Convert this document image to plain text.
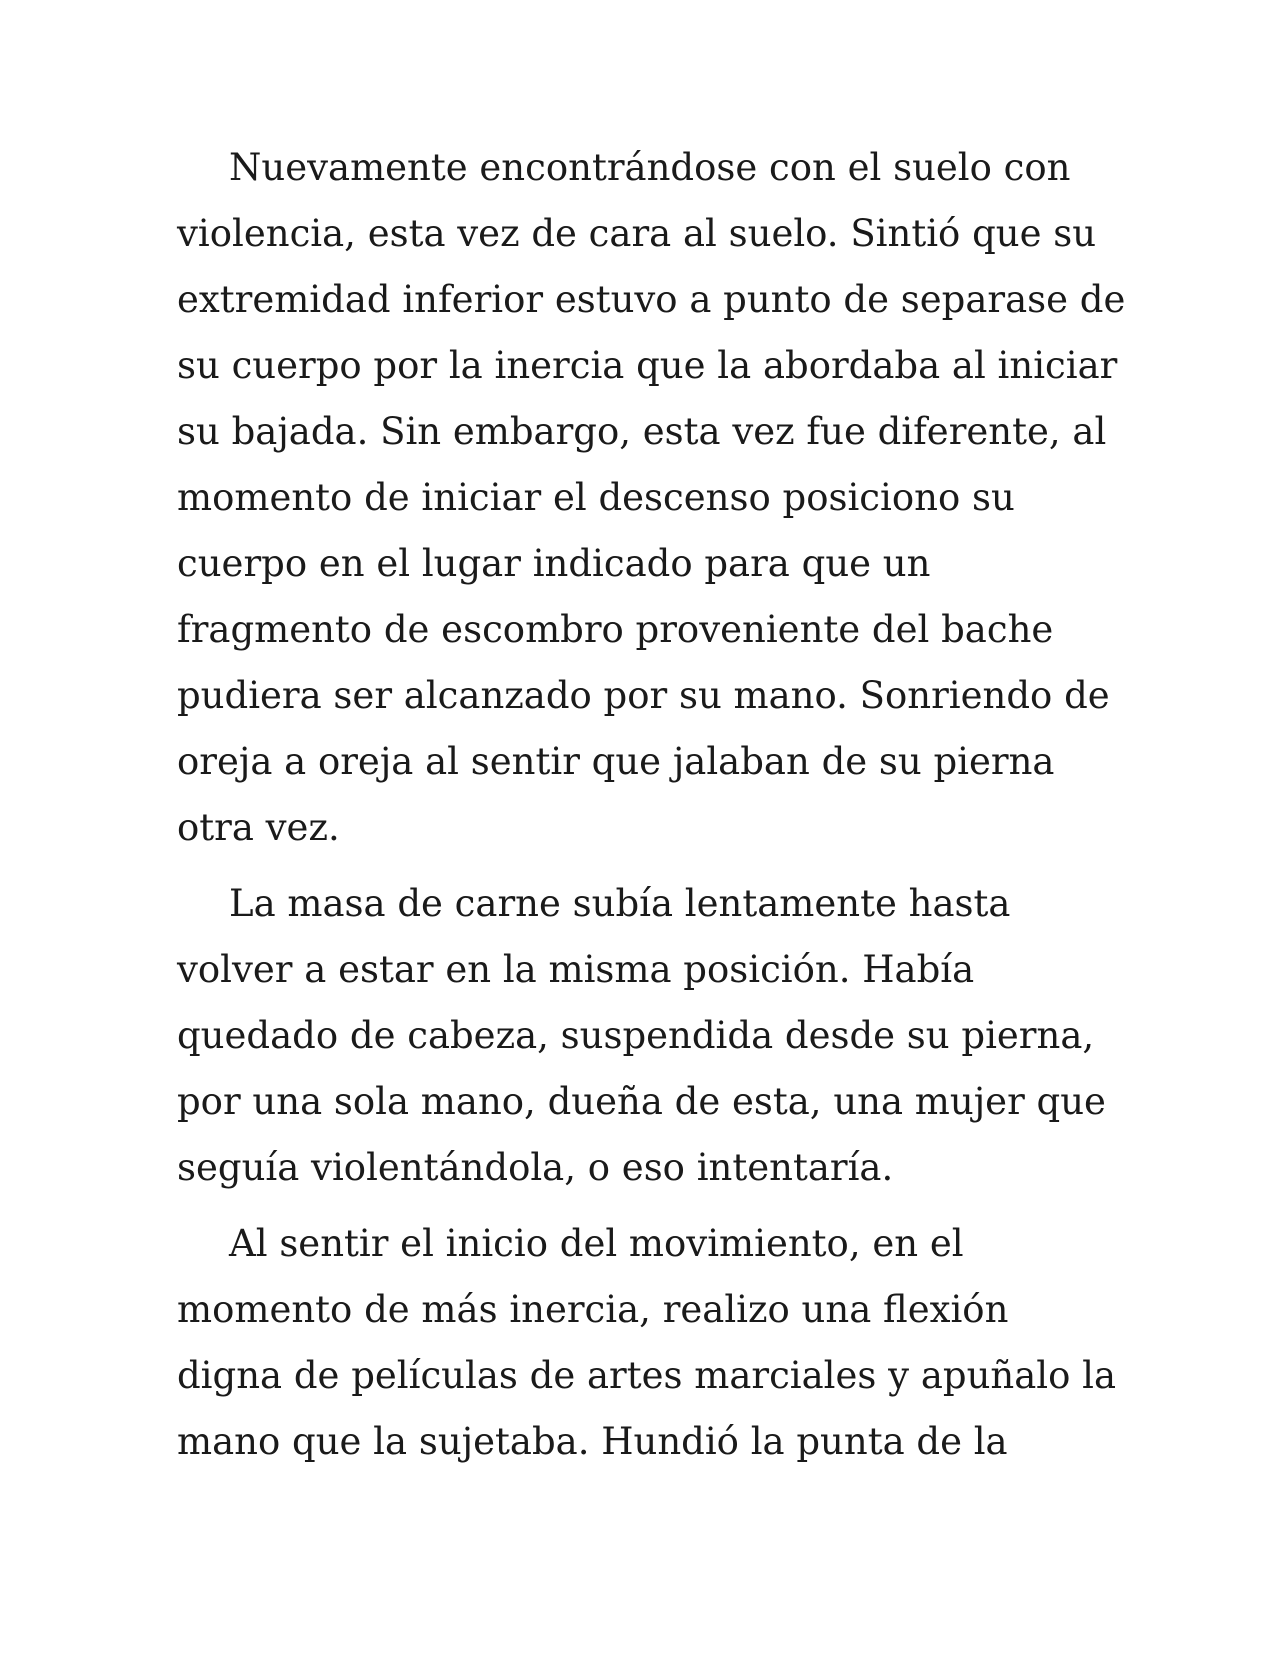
Nuevamente encontrándose con el suelo con
violencia, esta vez de cara al suelo. Sintió que su
extremidad inferior estuvo a punto de separase de
su cuerpo por la inercia que la abordaba al iniciar
su bajada. Sin embargo, esta vez fue diferente, al
momento de iniciar el descenso posiciono su
cuerpo en el lugar indicado para que un
fragmento de escombro proveniente del bache
pudiera ser alcanzado por su mano. Sonriendo de
oreja a oreja al sentir que jalaban de su pierna
otra vez.

La masa de carne subía lentamente hasta
volver a estar en la misma posición. Había
quedado de cabeza, suspendida desde su pierna,
por una sola mano, dueña de esta, una mujer que
seguía violentándola, o eso intentaría.

Al sentir el inicio del movimiento, en el
momento de más inercia, realizo una flexión
digna de películas de artes marciales y apuñalo la
mano que la sujetaba. Hundió la punta de la
